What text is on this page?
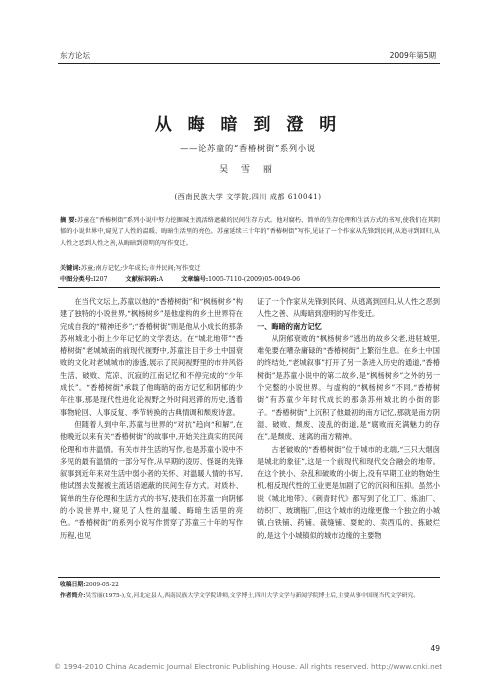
东方论坛	2009年第5期
从 晦 暗 到 澄 明
——论苏童的“香椿树街”系列小说
吴 雪 丽
(西南民族大学 文学院,四川 成都 610041)
摘 要:苏童在“香椿树街”系列小说中努力挖掘城主流活络遮蔽的民间生存方式。他对腐朽、简单的生存伦理和生活方式的书写,使我们在其阴郁的小说世界中,窥见了人性的温暖、晦暗生活里的亮色。苏童延续三十年的“香椿树街”写作,见证了一个作家从先锋到民间,从追寻到回归,从人性之恶到人性之善,从晦暗到澄明的写作变迁。
关键词:苏童;南方记忆;少年成长;市井民间;写作变迁
中图分类号:I207	文献标识码:A	文章编号:1005-7110-(2009)05-0049-06

在当代文坛上,苏童以他的“香椿树街”和“枫杨树乡”构建了独特的小说世界,“枫杨树乡”是他虚构的乡土世界符在完成自我的“精神还乡”;“香椿树街”则是他从小成长的那条苏州城北小街上少年记忆的文学表达。在“城北地带”“香椿树街”老城城南的前现代视野中,苏童注目于乡土中国衰败的文化对老城城市的渗透,展示了民间视野里的市井风俗生活、破败、荒凉、沉寂的江南记忆和不停完成的“少年成长”。“香椿树街”承载了他晦暗的南方记忆和阴郁的少年往事,那是现代性进化论视野之外时间迟滞的历史,透着事物轮回、人事反复、季节转换的古典情调和颓废诗意。

但随着人到中年,苏童与世界的“对抗”趋向“和解”,在他晚近以来有关“香椿树街”的故事中,开始关注真实的民间伦理和市井温情。有关市井生活的写作,也是苏童小说中不多见的最有温情的一部分写作,从早期的凌厉、怪诞的先锋叙事到近年来对生活中弱小者的关怀、对温暖人情的书写,他试图去发掘被主流话语遮蔽的民间生存方式。对质朴、简单的生存伦理和生活方式的书写,使我们在苏童一向阴郁的小说世界中,窥见了人性的温暖、晦暗生活里的亮色。“香椿树街”的系列小说写作贯穿了苏童三十年的写作历程,也见

证了一个作家从先锋到民间、从逃离到回归,从人性之恶到人性之善、从晦暗到澄明的写作变迁。

一、晦暗的南方记忆

从阴郁衰败的“枫杨树乡”逃出的故乡父老,进驻城里,难免要在嘈杂庸碌的“香椿树街”上繁衍生息。在乡土中国的终结处,“老城叙事”打开了另一条进入历史的通道,“香椿树街”是苏童小说中的第二故乡,是“枫杨树乡”之外的另一个完整的小说世界。与虚构的“枫杨树乡”不同,“香椿树街”有苏童少年时代成长的那条苏州城北的小街的影子。“香椿树街”上沉积了他最初的南方记忆,那就是南方阴湿、破败、颓废、凌乱的街道,是“腐败而充满魅力的存在”,是颓废、迷离的南方精神。

古老破败的“香椿树街”位于城市的北端,“三只大烟囱是城北的象征”,这是一个前现代和现代交合融会的地带。在这个狭小、杂乱和破败的小街上,没有早期工业的物始生机,相反现代性的工业更是加剧了它的沉闷和压抑。虽然小说《城北地带》、《刺青时代》都写到了化工厂、炼油厂、纺织厂、玻璃瓶厂,但这个城市的边缘更像一个独立的小城镇,白铁铺、药铺、裁缝铺、耍蛇的、卖西瓜的、拣破烂的,是这个小城镇似的城市边缘的主要物

收稿日期:2009-05-22
作者简介:吴雪丽(1975-),女,河北定县人,西南民族大学文学院讲师,文学博士,四川大学文学与新闻学院博士后,主要从事中国现当代文学研究。
49
© 1994-2010 China Academic Journal Electronic Publishing House. All rights reserved. http://www.cnki.net
